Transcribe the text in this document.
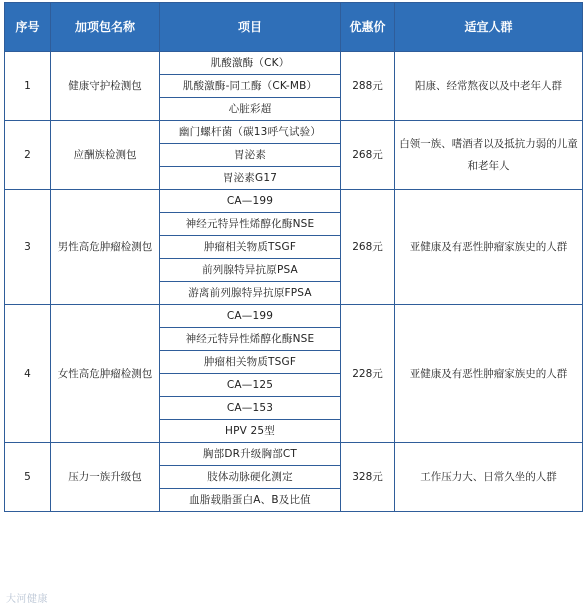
序号	加项包名称	项目	优惠价	适宜人群
1	健康守护检测包	肌酸激酶（CK）	288元	阳康、经常熬夜以及中老年人群
		肌酸激酶-同工酶（CK-MB）		
		心脏彩超		
2	应酬族检测包	幽门螺杆菌（碳13呼气试验）	268元	白领一族、嗜酒者以及抵抗力弱的儿童和老年人
		胃泌素		
		胃泌素G17		
3	男性高危肿瘤检测包	CA—199	268元	亚健康及有恶性肿瘤家族史的人群
		神经元特异性烯醇化酶NSE		
		肿瘤相关物质TSGF		
		前列腺特异抗原PSA		
		游离前列腺特异抗原FPSA		
4	女性高危肿瘤检测包	CA—199	228元	亚健康及有恶性肿瘤家族史的人群
		神经元特异性烯醇化酶NSE		
		肿瘤相关物质TSGF		
		CA—125		
		CA—153		
		HPV 25型		
5	压力一族升级包	胸部DR升级胸部CT	328元	工作压力大、日常久坐的人群
		肢体动脉硬化测定		
		血脂载脂蛋白A、B及比值		
大河健康
